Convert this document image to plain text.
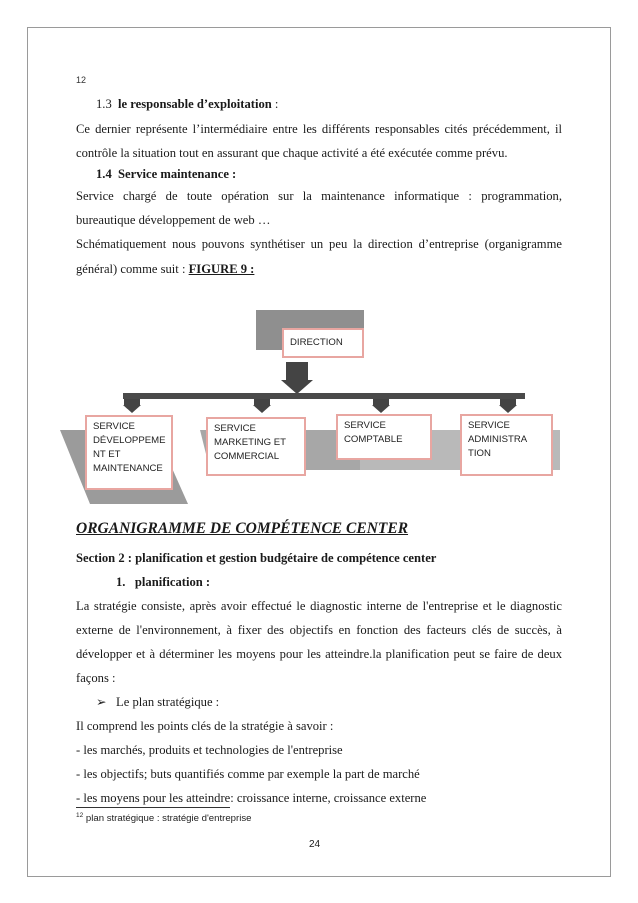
12
1.3 le responsable d’exploitation :
Ce dernier représente l’intermédiaire entre les différents responsables cités précédemment, il
contrôle la situation tout en assurant que chaque activité a été exécutée comme prévu.
1.4 Service maintenance :
Service chargé de toute opération sur la maintenance informatique : programmation,
bureautique développement de web …
Schématiquement nous pouvons synthétiser un peu la direction d’entreprise (organigramme
général) comme suit : FIGURE 9 :
DIRECTION
SERVICE
DÉVELOPPEME
NT ET
MAINTENANCE
SERVICE
MARKETING ET
COMMERCIAL
SERVICE
COMPTABLE
SERVICE
ADMINISTRA
TION
ORGANIGRAMME DE COMPÉTENCE CENTER
Section 2 : planification et gestion budgétaire de compétence center
1. planification :
La stratégie consiste, après avoir effectué le diagnostic interne de l'entreprise et le diagnostic
externe de l'environnement, à fixer des objectifs en fonction des facteurs clés de succès, à
développer et à déterminer les moyens pour les atteindre.la planification peut se faire de deux
façons :
➢ Le plan stratégique :
Il comprend les points clés de la stratégie à savoir :
- les marchés, produits et technologies de l'entreprise
- les objectifs; buts quantifiés comme par exemple la part de marché
- les moyens pour les atteindre: croissance interne, croissance externe
$^{12}$ plan stratégique : stratégie d'entreprise
24
